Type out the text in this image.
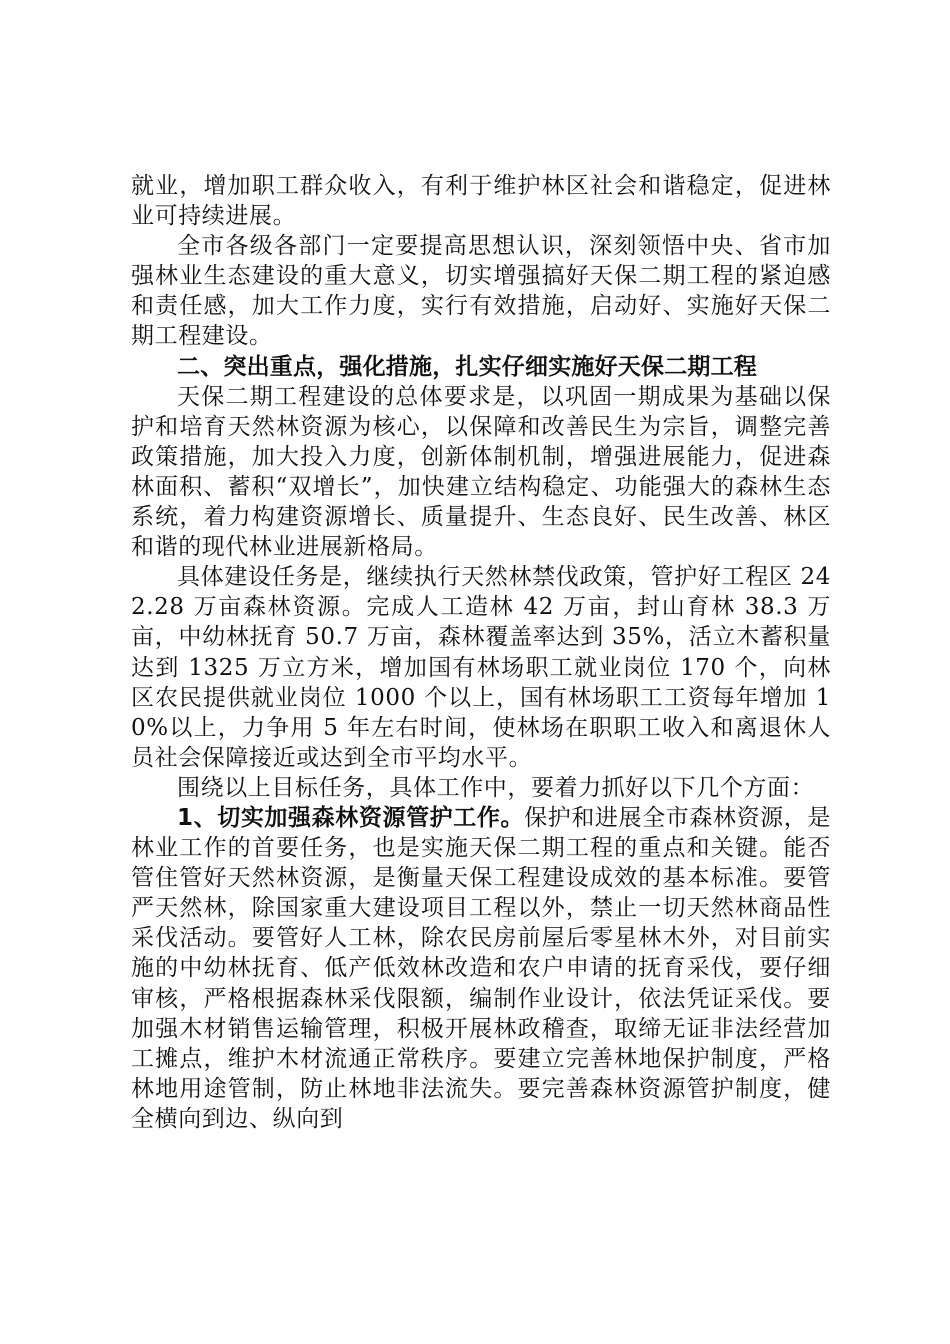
就业，增加职工群众收入，有利于维护林区社会和谐稳定，促进林业可持续进展。

全市各级各部门一定要提高思想认识，深刻领悟中央、省市加强林业生态建设的重大意义，切实增强搞好天保二期工程的紧迫感和责任感，加大工作力度，实行有效措施，启动好、实施好天保二期工程建设。

二、突出重点，强化措施，扎实仔细实施好天保二期工程

天保二期工程建设的总体要求是，以巩固一期成果为基础以保护和培育天然林资源为核心，以保障和改善民生为宗旨，调整完善政策措施，加大投入力度，创新体制机制，增强进展能力，促进森林面积、蓄积“双增长”，加快建立结构稳定、功能强大的森林生态系统，着力构建资源增长、质量提升、生态良好、民生改善、林区和谐的现代林业进展新格局。

具体建设任务是，继续执行天然林禁伐政策，管护好工程区 242.28 万亩森林资源。完成人工造林 42 万亩，封山育林 38.3 万亩，中幼林抚育 50.7 万亩，森林覆盖率达到 35%，活立木蓄积量达到 1325 万立方米，增加国有林场职工就业岗位 170 个，向林区农民提供就业岗位 1000 个以上，国有林场职工工资每年增加 10%以上，力争用 5 年左右时间，使林场在职职工收入和离退休人员社会保障接近或达到全市平均水平。

围绕以上目标任务，具体工作中，要着力抓好以下几个方面：

1、切实加强森林资源管护工作。保护和进展全市森林资源，是林业工作的首要任务，也是实施天保二期工程的重点和关键。能否管住管好天然林资源，是衡量天保工程建设成效的基本标准。要管严天然林，除国家重大建设项目工程以外，禁止一切天然林商品性采伐活动。要管好人工林，除农民房前屋后零星林木外，对目前实施的中幼林抚育、低产低效林改造和农户申请的抚育采伐，要仔细审核，严格根据森林采伐限额，编制作业设计，依法凭证采伐。要加强木材销售运输管理，积极开展林政稽查，取缔无证非法经营加工摊点，维护木材流通正常秩序。要建立完善林地保护制度，严格林地用途管制，防止林地非法流失。要完善森林资源管护制度，健全横向到边、纵向到
